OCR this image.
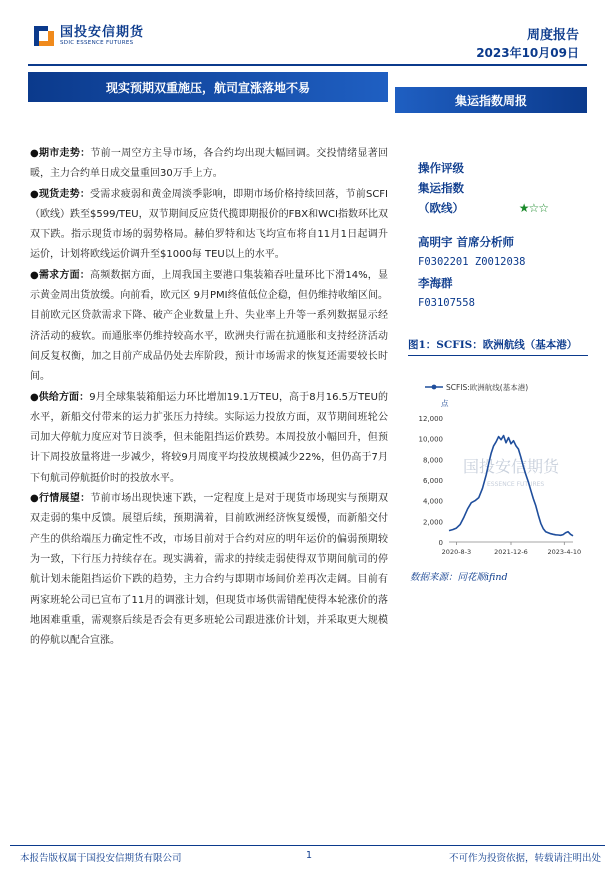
国投安信期货
SDIC ESSENCE FUTURES	周度报告
2023年10月09日
现实预期双重施压，航司宣涨落地不易
集运指数周报

●期市走势：节前一周空方主导市场，各合约均出现大幅回调。交投情绪显著回暖，主力合约单日成交量重回30万手上方。

●现货走势：受需求疲弱和黄金周淡季影响，即期市场价格持续回落，节前SCFI（欧线）跌至$599/TEU，双节期间反应货代揽即期报价的FBX和WCI指数环比双双下跌。指示现货市场的弱势格局。赫伯罗特和达飞均宣布将自11月1日起调升运价，计划将欧线运价调升至$1000每 TEU以上的水平。

●需求方面：高频数据方面，上周我国主要港口集装箱吞吐量环比下滑14%，显示黄金周出货放缓。向前看，欧元区 9月PMI终值低位企稳，但仍维持收缩区间。目前欧元区贷款需求下降、破产企业数量上升、失业率上升等一系列数据显示经济活动的疲软。而通胀率仍维持较高水平，欧洲央行需在抗通胀和支持经济活动间反复权衡，加之目前产成品仍处去库阶段，预计市场需求的恢复还需要较长时间。

●供给方面：9月全球集装箱船运力环比增加19.1万TEU，高于8月16.5万TEU的水平，新船交付带来的运力扩张压力持续。实际运力投放方面，双节期间班轮公司加大停航力度应对节日淡季，但未能阻挡运价跌势。本周投放小幅回升，但预计下周投放量将进一步减少，将较9月周度平均投放规模减少22%，但仍高于7月下旬航司停航挺价时的投放水平。

●行情展望：节前市场出现快速下跌，一定程度上是对于现货市场现实与预期双双走弱的集中反馈。展望后续，预期满着，目前欧洲经济恢复缓慢，而新船交付产生的供给端压力确定性不改，市场目前对于合约对应的明年运价的偏弱预期较为一致，下行压力持续存在。现实满着，需求的持续走弱使得双节期间航司的停航计划未能阻挡运价下跌的趋势，主力合约与即期市场间价差再次走阔。目前有两家班轮公司已宣布了11月的调涨计划，但现货市场供需错配使得本轮涨价的落地困难重重，需观察后续是否会有更多班轮公司跟进涨价计划，并采取更大规模的停航以配合宣涨。

操作评级
集运指数
（欧线）	★☆☆
高明宇 首席分析师
F0302201 Z0012038
李海群
F03107558
图1：SCFIS：欧洲航线（基本港）
国投安信期货
ESSENCE FUTURES
0
2,000
4,000
6,000
8,000
10,000
12,000
点
2020-8-3	2021-12-6	2023-4-10
SCFIS:欧洲航线(基本港)
数据来源：同花顺ifind
本报告版权属于国投安信期货有限公司	1	不可作为投资依据，转载请注明出处
